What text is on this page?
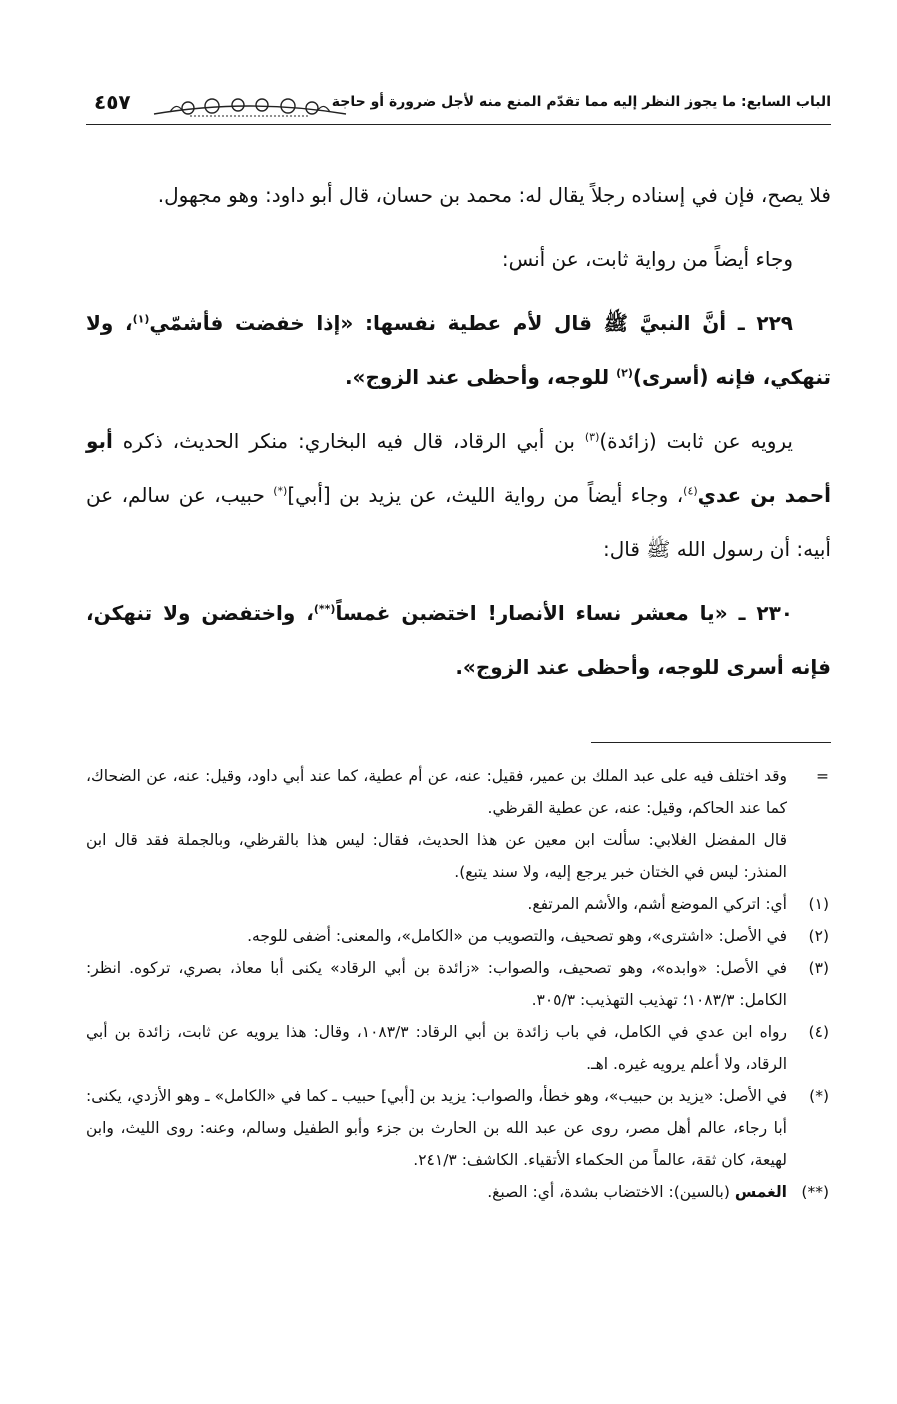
الباب السابع: ما يجوز النظر إليه مما تقدّم المنع منه لأجل ضرورة أو حاجة
٤٥٧

فلا يصح، فإن في إسناده رجلاً يقال له: محمد بن حسان، قال أبو داود: وهو مجهول.

وجاء أيضاً من رواية ثابت، عن أنس:

٢٢٩ ـ أنَّ النبيَّ ﷺ قال لأم عطية نفسها: «إذا خفضت فأشمّي$^{(١)}$، ولا تنهكي، فإنه (أسرى)$^{(٢)}$ للوجه، وأحظى عند الزوج».

يرويه عن ثابت (زائدة)$^{(٣)}$ بن أبي الرقاد، قال فيه البخاري: منكر الحديث، ذكره أبو أحمد بن عدي$^{(٤)}$، وجاء أيضاً من رواية الليث، عن يزيد بن [أبي](*) حبيب، عن سالم، عن أبيه: أن رسول الله ﷺ قال:

٢٣٠ ـ «يا معشر نساء الأنصار! اختضبن غمساً(**)، واختفضن ولا تنهكن، فإنه أسرى للوجه، وأحظى عند الزوج».

=
وقد اختلف فيه على عبد الملك بن عمير، فقيل: عنه، عن أم عطية، كما عند أبي داود، وقيل: عنه، عن الضحاك، كما عند الحاكم، وقيل: عنه، عن عطية القرظي.
قال المفضل الغلابي: سألت ابن معين عن هذا الحديث، فقال: ليس هذا بالقرظي، وبالجملة فقد قال ابن المنذر: ليس في الختان خبر يرجع إليه، ولا سند يتبع).
(١)
أي: اتركي الموضع أشم، والأشم المرتفع.
(٢)
في الأصل: «اشترى»، وهو تصحيف، والتصويب من «الكامل»، والمعنى: أضفى للوجه.
(٣)
في الأصل: «وابده»، وهو تصحيف، والصواب: «زائدة بن أبي الرقاد» يكنى أبا معاذ، بصري، تركوه. انظر: الكامل: ١٠٨٣/٣؛ تهذيب التهذيب: ٣٠٥/٣.
(٤)
رواه ابن عدي في الكامل، في باب زائدة بن أبي الرقاد: ١٠٨٣/٣، وقال: هذا يرويه عن ثابت، زائدة بن أبي الرقاد، ولا أعلم يرويه غيره. اهـ.
(*)
في الأصل: «يزيد بن حبيب»، وهو خطأ، والصواب: يزيد بن [أبي] حبيب ـ كما في «الكامل» ـ وهو الأزدي، يكنى: أبا رجاء، عالم أهل مصر، روى عن عبد الله بن الحارث بن جزء وأبو الطفيل وسالم، وعنه: روى الليث، وابن لهيعة، كان ثقة، عالماً من الحكماء الأتقياء. الكاشف: ٢٤١/٣.
(**)
الغمس (بالسين): الاختضاب بشدة، أي: الصبغ.
